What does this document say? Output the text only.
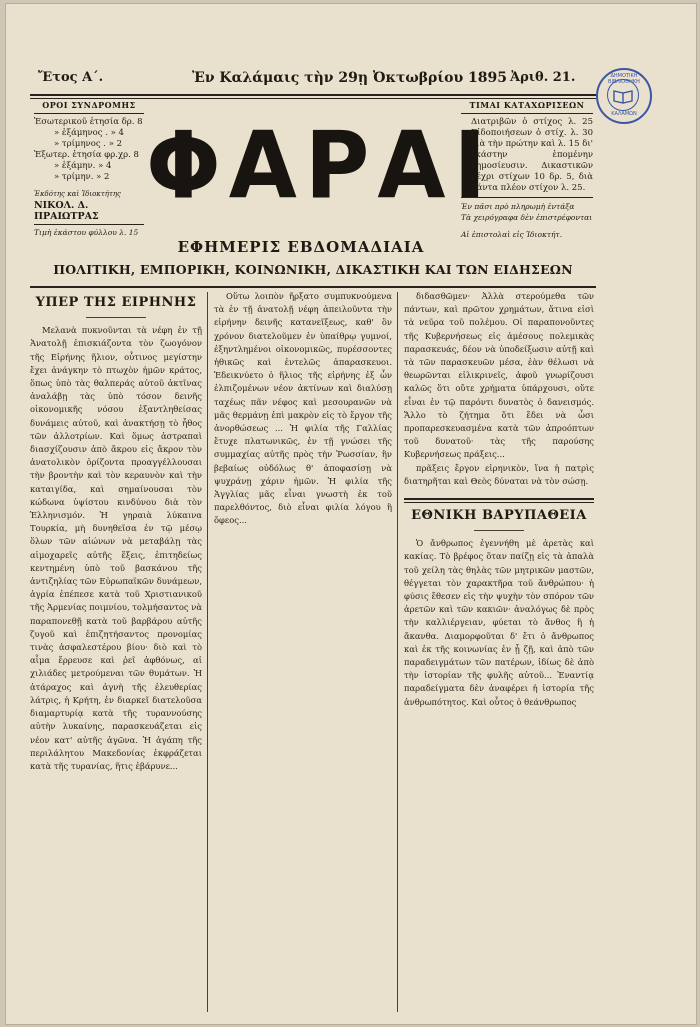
ΔΗΜΟΤΙΚΗ ΒΙΒΛΙΟΘΗΚΗ
ΚΑΛΑΜΩΝ
Ἔτος Α΄.	Ἐν Καλάμαις τὴν 29ῃ Ὀκτωβρίου 1895 Ἀριθ. 21.
ΟΡΟΙ ΣΥΝΔΡΟΜΗΣ
Ἐσωτερικοῦ ἐτησία δρ. 8
» ἑξάμηνος . » 4
» τρίμηνος . » 2
Ἐξωτερ. ἐτησία φρ.χρ. 8
» ἑξάμην. » 4
» τρίμην. » 2
Ἐκδότης καὶ Ἰδιοκτήτης
ΝΙΚΟΛ. Δ. ΠΡΑΙΩΤΡΑΣ
Τιμὴ ἑκάστου φύλλου λ. 15
ΦΑΡΑΙ
ΤΙΜΑΙ ΚΑΤΑΧΩΡΙΣΕΩΝ
Διατριβῶν ὁ στίχος λ. 25 Εἰδοποιήσεων ὁ στίχ. λ. 30 διὰ τὴν πρώτην καὶ λ. 15 δι' ἑκάστην ἑπομένην δημοσίευσιν. Δικαστικῶν μέχρι στίχων 10 δρ. 5, διὰ πάντα πλέον στίχον λ. 25.
Ἐν πᾶσι πρὸ πληρωμὴ ἐντάξα
Τὰ χειρόγραφα δὲν ἐπιστρέφονται
Αἱ ἐπιστολαὶ εἰς Ἰδιοκτήτ.
ΕΦΗΜΕΡΙΣ ΕΒΔΟΜΑΔΙΑΙΑ
ΠΟΛΙΤΙΚΗ, ΕΜΠΟΡΙΚΗ, ΚΟΙΝΩΝΙΚΗ, ΔΙΚΑΣΤΙΚΗ ΚΑΙ ΤΩΝ ΕΙΔΗΣΕΩΝ
ΥΠΕΡ ΤΗΣ ΕΙΡΗΝΗΣ

Μελανὰ πυκνοῦνται τὰ νέφη ἐν τῇ Ἀνατολῇ ἐπισκιάζοντα τὸν ζωογόνον τῆς Εἰρήνης ἥλιον, οὗτινος μεγίστην ἔχει ἀνάγκην τὸ πτωχὸν ἡμῶν κράτος, ὅπως ὑπὸ τὰς θαλπεράς αὐτοῦ ἀκτῖνας ἀναλάβῃ τὰς ὑπὸ τόσον δεινῆς οἰκονομικῆς νόσου ἐξαντληθείσας δυνάμεις αὐτοῦ, καὶ ἀνακτήσῃ τὸ ἦθος τῶν ἀλλοτρίων. Καὶ ὅμως ἀστραπαὶ διασχίζουσιν ἀπὸ ἄκρου εἰς ἄκρον τὸν ἀνατολικὸν ὁρίζοντα προαγγέλλουσαι τὴν βροντὴν καὶ τὸν κεραυνὸν καὶ τὴν καταιγίδα, καὶ σημαίνουσαι τὸν κώδωνα ὑψίστου κινδύνου διὰ τὸν Ἑλληνισμόν. Ἡ γηραιὰ λύκαινα Τουρκία, μὴ δυνηθεῖσα ἐν τῷ μέσῳ ὅλων τῶν αἰώνων νὰ μεταβάλῃ τὰς αἱμοχαρεῖς αὐτῆς ἕξεις, ἐπιτηδείως κεντημένη ὑπὸ τοῦ βασκάνου τῆς ἀντιζηλίας τῶν Εὐρωπαϊκῶν δυνάμεων, ἀγρία ἐπέπεσε κατὰ τοῦ Χριστιανικοῦ τῆς Ἀρμενίας ποιμνίου, τολμήσαντος νὰ παραπονεθῇ κατὰ τοῦ βαρβάρου αὐτῆς ζυγοῦ καὶ ἐπιζητήσαντος προνομίας τινὰς ἀσφαλεστέρου βίου· διὸ καὶ τὸ αἷμα ἔρρευσε καὶ ῥεῖ ἀφθόνως, αἱ χιλιάδες μετρούμεναι τῶν θυμάτων. Ἡ ἀτάραχος καὶ ἀγνὴ τῆς ἐλευθερίας λάτρις, ἡ Κρήτη, ἐν διαρκεῖ διατελοῦσα διαμαρτυρίᾳ κατὰ τῆς τυραννούσης αὐτὴν λυκαίνης, παρασκευάζεται εἰς νέον κατ' αὐτῆς ἀγῶνα. Ἡ ἀγάπη τῆς περιλάλητου Μακεδονίας ἐκφράζεται κατὰ τῆς τυρανίας, ἥτις ἐβάρυνε...

Οὕτω λοιπὸν ἤρξατο συμπυκνούμενα τὰ ἐν τῇ ἀνατολῇ νέφη ἀπειλοῦντα τὴν εἰρήνην δεινῆς κατανεῖξεως, καθ' ὃν χρόνον διατελοῦμεν ἐν ὑπαίθρῳ γυμνοί, ἐξηντλημένοι οἰκονομικῶς, πυρέσσοντες ἠθικῶς καὶ ἐντελῶς ἀπαρασκευοι. Ἐδεικνύετο ὁ ἥλιος τῆς εἰρήνης ἐξ ὧν ἐλπιζομένων νέον ἀκτίνων καὶ διαλύσῃ ταχέως πᾶν νέφος καὶ μεσουρανῶν νὰ μᾶς θερμάνῃ ἐπὶ μακρὸν εἰς τὸ ἔργον τῆς ἀνορθώσεως ... Ἡ φιλία τῆς Γαλλίας ἔτυχε πλατωνικῶς, ἐν τῇ γνώσει τῆς συμμαχίας αὐτῆς πρὸς τὴν Ῥωσσίαν, ἣν βεβαίως οὐδόλως θ' ἀποφασίσῃ νὰ ψυχράνῃ χάριν ἡμῶν. Ἡ φιλία τῆς Ἀγγλίας μᾶς εἶναι γνωστὴ ἐκ τοῦ παρελθόντος, διὸ εἶναι φιλία λόγου ἢ ὄφεος...

διδασθῶμεν· Ἀλλὰ στερούμεθα τῶν πάντων, καὶ πρῶτον χρημάτων, ἅτινα εἰσὶ τὰ νεῦρα τοῦ πολέμου. Οἱ παραπονοῦντες τῆς Κυβερνήσεως εἰς ἀμέσους πολεμικὰς παρασκευάς, δέον νὰ ὑποδείξωσιν αὐτῇ καὶ τὰ τῶν παρασκευῶν μέσα, ἐὰν θέλωσι νὰ θεωρῶνται εἰλικρινεῖς, ἀφοῦ γνωρίζουσι καλῶς ὅτι οὔτε χρήματα ὑπάρχουσι, οὔτε εἶναι ἐν τῷ παρόντι δυνατὸς ὁ δανεισμός. Ἄλλο τὸ ζήτημα ὅτι ἔδει νὰ ὦσι προπαρεσκευασμένα κατὰ τῶν ἀπροόπτων τοῦ δυνατοῦ· τὰς τῆς παρούσης Κυβερνήσεως πράξεις...

πρᾶξεις ἔργον εἰρηνικὸν, ἵνα ἡ πατρὶς διατηρῆται καὶ Θεὸς δύναται νὰ τὸν σώσῃ.

ΕΘΝΙΚΗ ΒΑΡΥΠΑΘΕΙΑ

Ὁ ἄνθρωπος ἐγεννήθη μὲ ἀρετὰς καὶ κακίας. Τὸ βρέφος ὅταν παίζῃ εἰς τὰ ἀπαλὰ τοῦ χείλη τὰς θηλὰς τῶν μητρικῶν μαστῶν, θέγγεται τὸν χαρακτῆρα τοῦ ἄνθρώπου· ἡ φύσις ἔθεσεν εἰς τὴν ψυχὴν τὸν σπόρον τῶν ἀρετῶν καὶ τῶν κακιῶν· ἀναλόγως δὲ πρὸς τὴν καλλιέργειαν, φύεται τὸ ἄνθος ἢ ἡ ἄκανθα. Διαμορφοῦται δ' ἔτι ὁ ἄνθρωπος καὶ ἐκ τῆς κοινωνίας ἐν ᾗ ζῇ, καὶ ἀπὸ τῶν παραδειγμάτων τῶν πατέρων, ἰδίως δὲ ἀπὸ τὴν ἱστορίαν τῆς φυλῆς αὐτοῦ... Ἐναντίᾳ παραδείγματα δὲν ἀναφέρει ἡ ἱστορία τῆς ἀνθρωπότητος. Καὶ οὗτος ὁ θεάνθρωπος
